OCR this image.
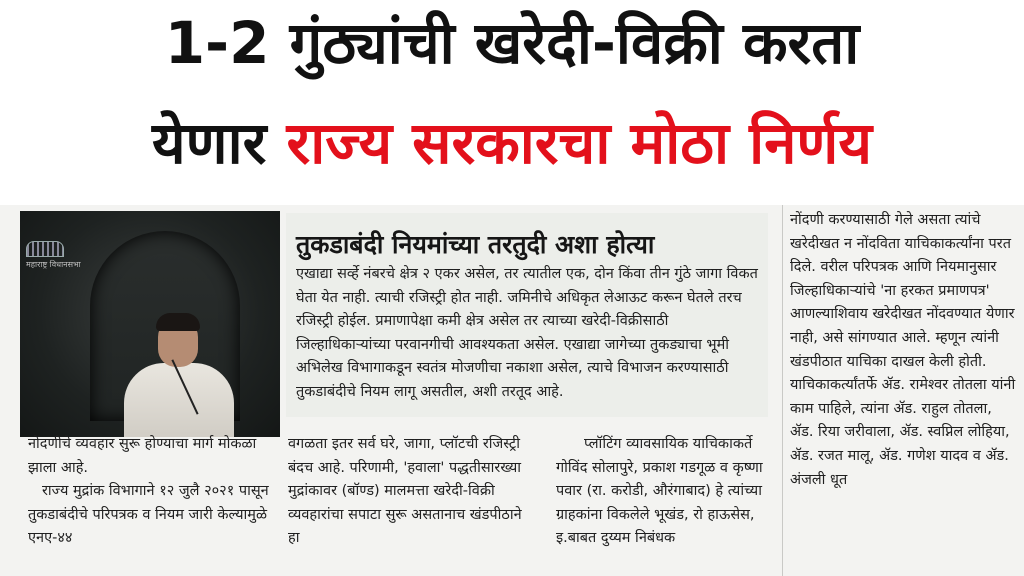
1-2 गुंठ्यांची खरेदी-विक्री करता
येणार राज्य सरकारचा मोठा निर्णय
महाराष्ट्र विधानसभा
तुकडाबंदी नियमांच्या तरतुदी अशा होत्या
एखाद्या सर्व्हे नंबरचे क्षेत्र २ एकर असेल, तर त्यातील एक, दोन किंवा तीन गुंठे जागा विकत घेता येत नाही. त्याची रजिस्ट्री होत नाही. जमिनीचे अधिकृत लेआऊट करून घेतले तरच रजिस्ट्री होईल. प्रमाणापेक्षा कमी क्षेत्र असेल तर त्याच्या खरेदी-विक्रीसाठी जिल्हाधिकार्‍यांच्या परवानगीची आवश्यकता असेल. एखाद्या जागेच्या तुकड्याचा भूमी अभिलेख विभागाकडून स्वतंत्र मोजणीचा नकाशा असेल, त्याचे विभाजन करण्यासाठी तुकडाबंदीचे नियम लागू असतील, अशी तरतूद आहे.
नोंदणी करण्यासाठी गेले असता त्यांचे खरेदीखत न नोंदविता याचिकाकर्त्यांना परत दिले. वरील परिपत्रक आणि नियमानुसार जिल्हाधिकाऱ्यांचे 'ना हरकत प्रमाणपत्र' आणल्याशिवाय खरेदीखत नोंदवण्यात येणार नाही, असे सांगण्यात आले. म्हणून त्यांनी खंडपीठात याचिका दाखल केली होती. याचिकाकर्त्यांतर्फे ॲड. रामेश्वर तोतला यांनी काम पाहिले, त्यांना ॲड. राहुल तोतला, ॲड. रिया जरीवाला, ॲड. स्वप्निल लोहिया, ॲड. रजत मालू, ॲड. गणेश यादव व ॲड. अंजली धूत

नोंदणीचे व्यवहार सुरू होण्याचा मार्ग मोकळा झाला आहे.

राज्य मुद्रांक विभागाने १२ जुलै २०२१ पासून तुकडाबंदीचे परिपत्रक व नियम जारी केल्यामुळे एनए-४४

वगळता इतर सर्व घरे, जागा, प्लॉटची रजिस्ट्री बंदच आहे. परिणामी, 'हवाला' पद्धतीसारख्या मुद्रांकावर (बॉण्ड) मालमत्ता खरेदी-विक्री व्यवहारांचा सपाटा सुरू असतानाच खंडपीठाने हा
प्लॉटिंग व्यावसायिक याचिकाकर्ते गोविंद सोलापुरे, प्रकाश गडगूळ व कृष्णा पवार (रा. करोडी, औरंगाबाद) हे त्यांच्या ग्राहकांना विकलेले भूखंड, रो हाऊसेस, इ.बाबत दुय्यम निबंधक
